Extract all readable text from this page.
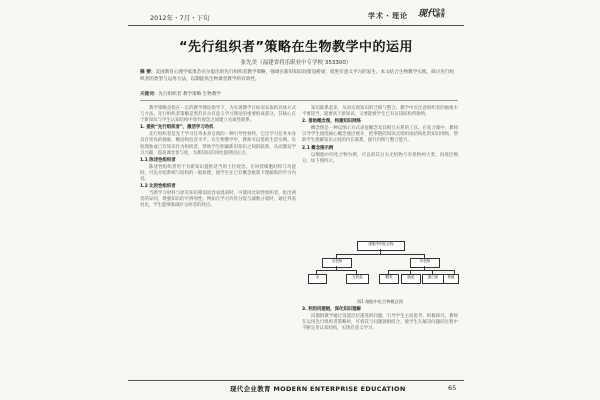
2012年・7月・下旬	学术・理论 现代企业教育
“先行组织者”策略在生物教学中的运用
张先美（福建省将乐职业中专学校 353300）
摘 要：美国教育心理学家奥苏贝尔提出的先行组织者教学策略，强调在新旧知识间架设桥梁，促进有意义学习的发生。本文结合生物教学实践，探讨先行组织者的类型与运用方法，以期提高生物课堂教学的有效性。
关键词：先行组织者 教学策略 生物教学

教学策略是指在一定的教学理论指导下，为实现教学目标而采取的具体方式与方法。先行组织者策略是奥苏贝尔有意义学习理论的重要组成部分，其核心在于新知识与学生认知结构中原有观念之间建立实质性联系。

1. 提供“先行组织者”，激活学习动机

先行组织者是先于学习任务本身呈现的一种引导性材料，它比学习任务本身具有更高的抽象、概括和包容水平。在生物教学中，教师可以借助生活实例、实验现象或已有知识作为组织者，帮助学生明确新旧知识之间的联系，从而激发学习兴趣，提高课堂参与度，为新知识的同化提供固定点。

1.1 陈述性组织者

陈述性组织者用于为新知识提供适当的上位观念。在讲授细胞结构与功能时，可先介绍系统与结构的一般原理，使学生在已有概念框架下理解新的学习内容。

1.2 比较性组织者

当新学习材料与原有知识相似而容易混淆时，可使用比较性组织者，指出两者的异同，增强知识的可辨别性。例如在学习有丝分裂与减数分裂时，通过列表对比，学生能够准确区分两者的特点。

知识联系起来，从而实现知识的迁移与整合。教学中应注意组织者的抽象水平要适当，既要高于新知识，又要能被学生已有认知结构所接纳。

2. 借助概念图，构建知识网络

概念图是一种以图示方式表征概念及其相互关系的工具。在复习课中，教师引导学生围绕核心概念逐层展开，把零散的知识点组织成结构化的知识网络，帮助学生理解知识之间的内在联系，提升归纳与整合能力。

2.1 概念图示例

以细胞中的化合物为例，可以将其分为无机物与有机物两大类，再逐层细分，如下图所示。

细胞中的化合物
无机物	有机物
水	无机盐	糖类	脂质	蛋白质	核酸
图1 细胞中化合物概念图

3. 利用问题链，深化知识理解

问题链教学通过设置层层递进的问题，引导学生主动思考、积极探究。教师在运用先行组织者策略时，可将其与问题链相结合，使学生在解决问题的过程中不断完善认知结构，实现有意义学习。

现代企业教育 MODERN ENTERPRISE EDUCATION	65
